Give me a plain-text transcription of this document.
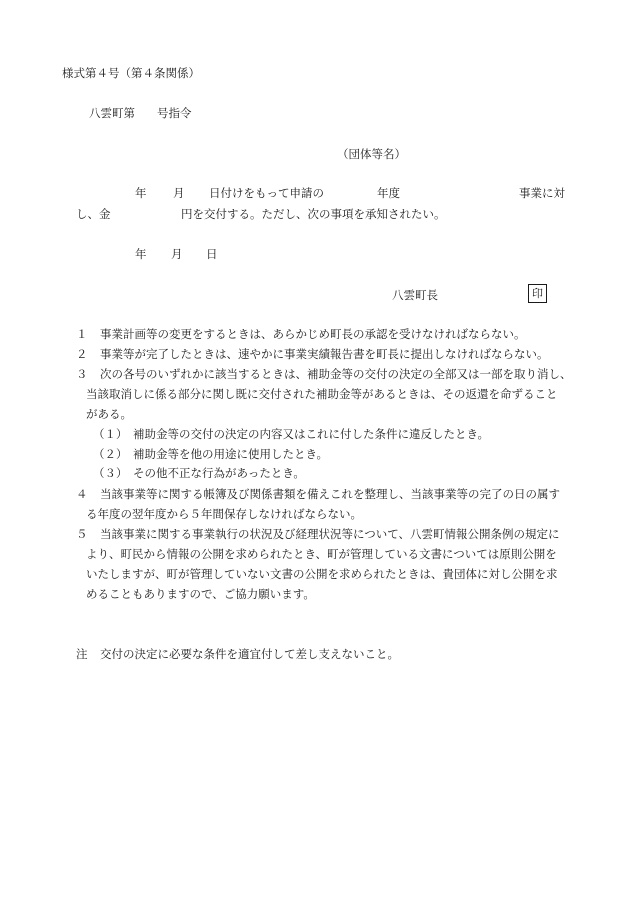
様式第４号（第４条関係）
八雲町第 号指令
（団体等名）
年 月 日付けをもって申請の	年度	事業に対
し、金	円を交付する。ただし、次の事項を承知されたい。
年 月 日
八雲町長	印
１ 事業計画等の変更をするときは、あらかじめ町長の承認を受けなければならない。
２ 事業等が完了したときは、速やかに事業実績報告書を町長に提出しなければならない。
３ 次の各号のいずれかに該当するときは、補助金等の交付の決定の全部又は一部を取り消し、
当該取消しに係る部分に関し既に交付された補助金等があるときは、その返還を命ずること
がある。
（１） 補助金等の交付の決定の内容又はこれに付した条件に違反したとき。
（２） 補助金等を他の用途に使用したとき。
（３） その他不正な行為があったとき。
４ 当該事業等に関する帳簿及び関係書類を備えこれを整理し、当該事業等の完了の日の属す
る年度の翌年度から５年間保存しなければならない。
５ 当該事業に関する事業執行の状況及び経理状況等について、八雲町情報公開条例の規定に
より、町民から情報の公開を求められたとき、町が管理している文書については原則公開を
いたしますが、町が管理していない文書の公開を求められたときは、貴団体に対し公開を求
めることもありますので、ご協力願います。
注 交付の決定に必要な条件を適宜付して差し支えないこと。
